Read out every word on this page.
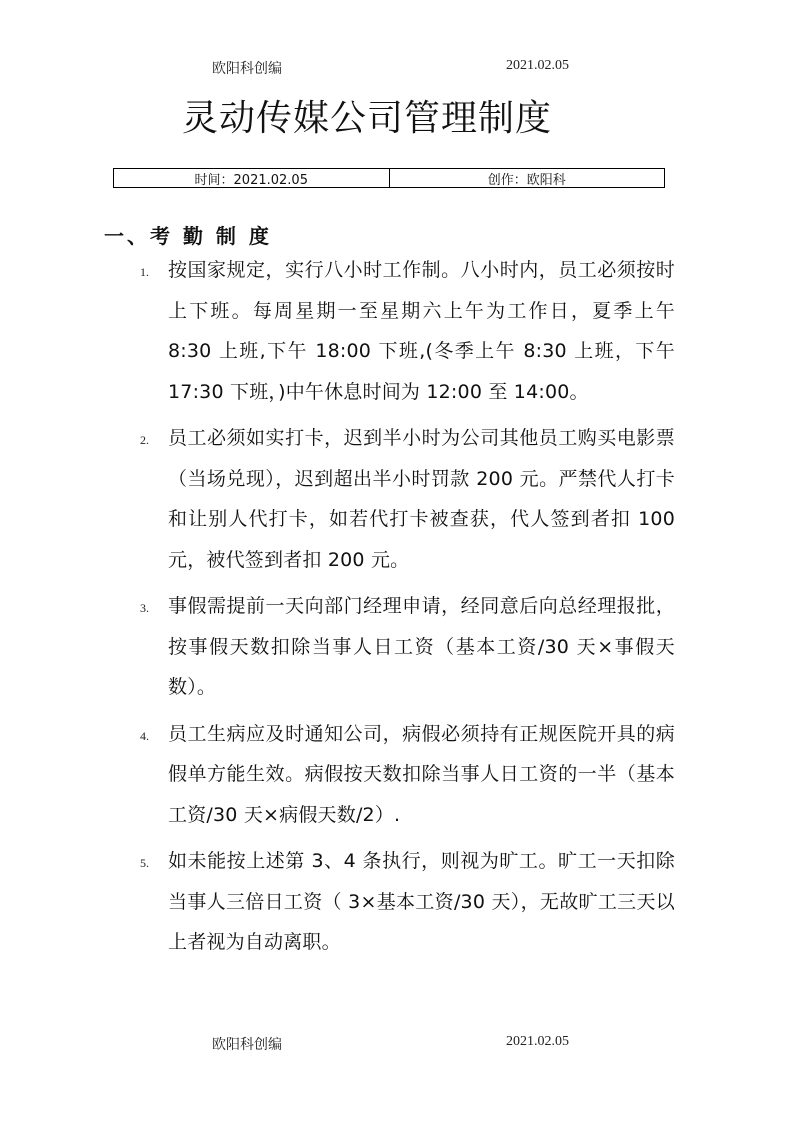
欧阳科创编	2021.02.05
灵动传媒公司管理制度
时间：2021.02.05	创作：欧阳科
一、考 勤 制 度
1. 按国家规定，实行八小时工作制。八小时内，员工必须按时上下班。每周星期一至星期六上午为工作日，夏季上午 8:30 上班,下午 18:00 下班,(冬季上午 8:30 上班，下午 17:30 下班，)中午休息时间为 12:00 至 14:00。
2. 员工必须如实打卡，迟到半小时为公司其他员工购买电影票（当场兑现），迟到超出半小时罚款 200 元。严禁代人打卡和让别人代打卡，如若代打卡被查获，代人签到者扣 100 元，被代签到者扣 200 元。
3. 事假需提前一天向部门经理申请，经同意后向总经理报批，按事假天数扣除当事人日工资（基本工资/30 天×事假天数）。
4. 员工生病应及时通知公司，病假必须持有正规医院开具的病假单方能生效。病假按天数扣除当事人日工资的一半（基本工资/30 天×病假天数/2）.
5. 如未能按上述第 3、4 条执行，则视为旷工。旷工一天扣除当事人三倍日工资（ 3×基本工资/30 天），无故旷工三天以上者视为自动离职。
欧阳科创编	2021.02.05
